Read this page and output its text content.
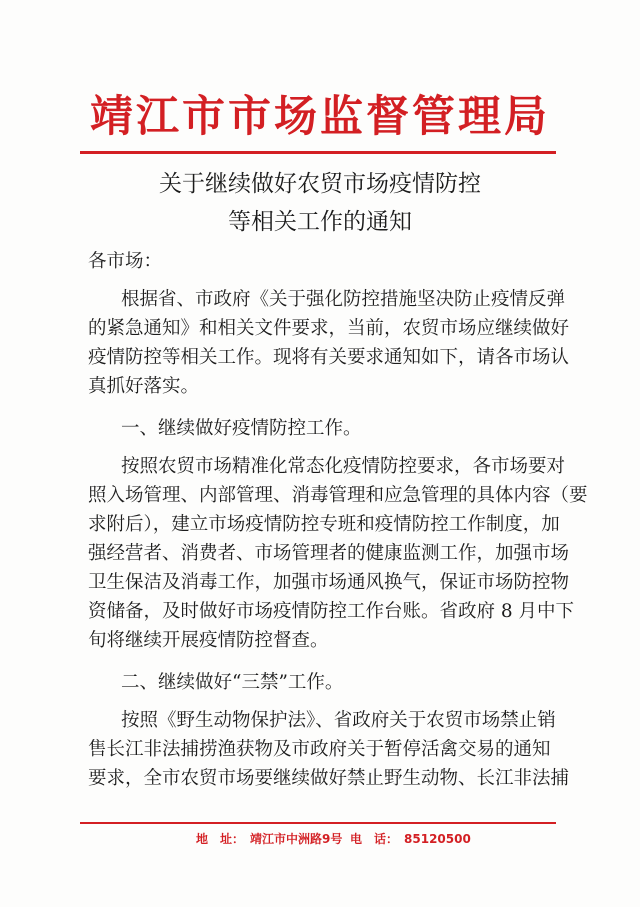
靖江市市场监督管理局
关于继续做好农贸市场疫情防控
等相关工作的通知
各市场：
根据省、市政府《关于强化防控措施坚决防止疫情反弹
的紧急通知》和相关文件要求，当前，农贸市场应继续做好
疫情防控等相关工作。现将有关要求通知如下，请各市场认
真抓好落实。
一、继续做好疫情防控工作。
按照农贸市场精准化常态化疫情防控要求，各市场要对
照入场管理、内部管理、消毒管理和应急管理的具体内容（要
求附后），建立市场疫情防控专班和疫情防控工作制度，加
强经营者、消费者、市场管理者的健康监测工作，加强市场
卫生保洁及消毒工作，加强市场通风换气，保证市场防控物
资储备，及时做好市场疫情防控工作台账。省政府 8 月中下
旬将继续开展疫情防控督查。
二、继续做好“三禁”工作。
按照《野生动物保护法》、省政府关于农贸市场禁止销
售长江非法捕捞渔获物及市政府关于暂停活禽交易的通知
要求，全市农贸市场要继续做好禁止野生动物、长江非法捕
地　址： 靖江市中洲路9号 电　话： 85120500
